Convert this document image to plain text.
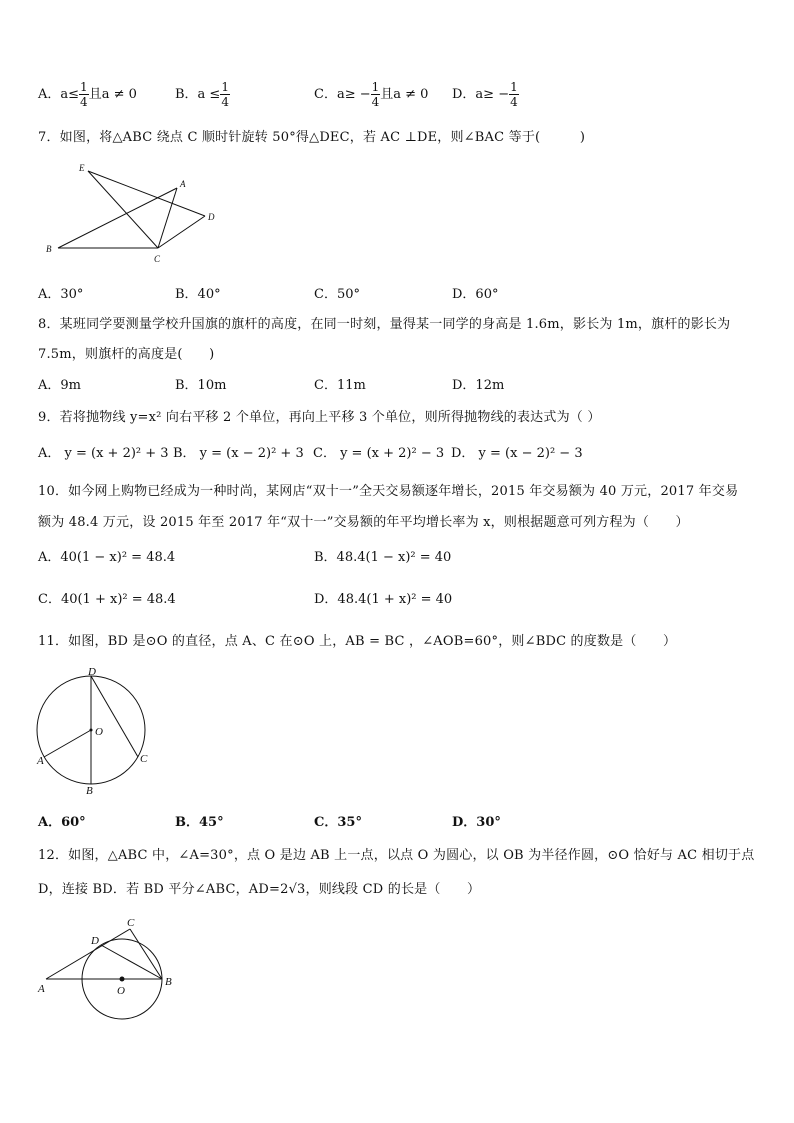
A．$a\le \frac{1}{4}$ 且a ≠ 0	B．$a \le \frac{1}{4}$	C．$a\ge - \frac{1}{4}$ 且a ≠ 0 D．$a\ge - \frac{1}{4}$
7．如图，将△ABC 绕点 C 顺时针旋转 50°得△DEC，若 AC ⊥DE，则∠BAC 等于(　　　)
E
A
D
B
C
A．30°	B．40°	C．50°	D．60°
8．某班同学要测量学校升国旗的旗杆的高度，在同一时刻，量得某一同学的身高是 1.6m，影长为 1m，旗杆的影长为
7.5m，则旗杆的高度是(　　)
A．9m	B．10m	C．11m	D．12m
9．若将抛物线 y=x² 向右平移 2 个单位，再向上平移 3 个单位，则所得抛物线的表达式为（ ）
A． y = (x + 2)² + 3 B． y = (x − 2)² + 3 C． y = (x + 2)² − 3 D． y = (x − 2)² − 3
10．如今网上购物已经成为一种时尚，某网店“双十一”全天交易额逐年增长，2015 年交易额为 40 万元，2017 年交易
额为 48.4 万元，设 2015 年至 2017 年“双十一”交易额的年平均增长率为 x，则根据题意可列方程为（　　）
A．40(1 − x)² = 48.4	B．48.4(1 − x)² = 40
C．40(1 + x)² = 48.4	D．48.4(1 + x)² = 40
11．如图，BD 是⊙O 的直径，点 A、C 在⊙O 上，AB = BC ，∠AOB=60°，则∠BDC 的度数是（　　）
D
O
A	C
B
A．60°	B．45°	C．35°	D．30°
12．如图，△ABC 中，∠A=30°，点 O 是边 AB 上一点，以点 O 为圆心，以 OB 为半径作圆，⊙O 恰好与 AC 相切于点
D，连接 BD．若 BD 平分∠ABC，AD=2√3，则线段 CD 的长是（　　）
C
D
A	O
B
